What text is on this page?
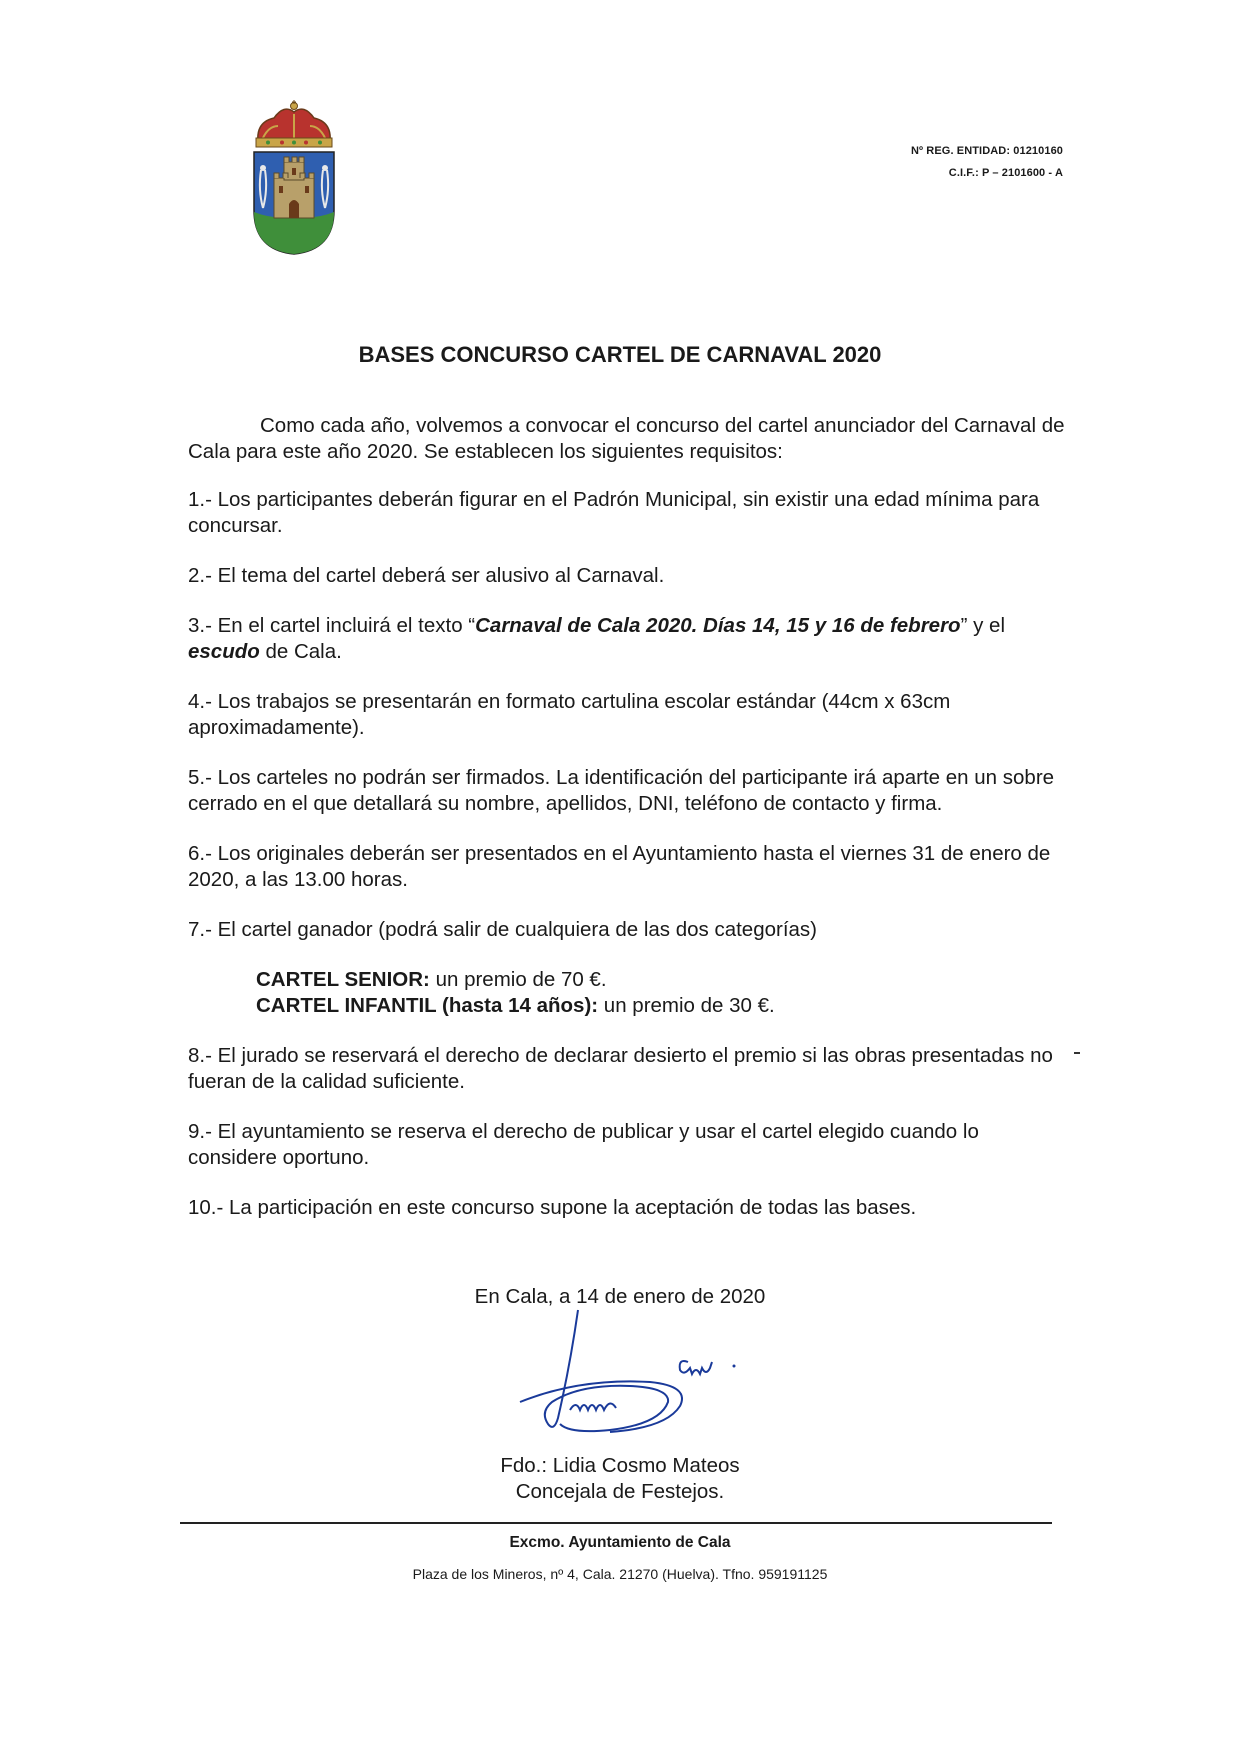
Nº REG. ENTIDAD: 01210160
C.I.F.: P – 2101600 - A
BASES CONCURSO CARTEL DE CARNAVAL 2020

Como cada año, volvemos a convocar el concurso del cartel anunciador del Carnaval de Cala para este año 2020. Se establecen los siguientes requisitos:

1.- Los participantes deberán figurar en el Padrón Municipal, sin existir una edad mínima para concursar.

2.- El tema del cartel deberá ser alusivo al Carnaval.

3.- En el cartel incluirá el texto “Carnaval de Cala 2020. Días 14, 15 y 16 de febrero” y el escudo de Cala.

4.- Los trabajos se presentarán en formato cartulina escolar estándar (44cm x 63cm aproximadamente).

5.- Los carteles no podrán ser firmados. La identificación del participante irá aparte en un sobre cerrado en el que detallará su nombre, apellidos, DNI, teléfono de contacto y firma.

6.- Los originales deberán ser presentados en el Ayuntamiento hasta el viernes 31 de enero de 2020, a las 13.00 horas.

7.- El cartel ganador (podrá salir de cualquiera de las dos categorías)

CARTEL SENIOR: un premio de 70 €.
CARTEL INFANTIL (hasta 14 años): un premio de 30 €.

8.- El jurado se reservará el derecho de declarar desierto el premio si las obras presentadas no fueran de la calidad suficiente.

9.- El ayuntamiento se reserva el derecho de publicar y usar el cartel elegido cuando lo considere oportuno.

10.- La participación en este concurso supone la aceptación de todas las bases.

En Cala, a 14 de enero de 2020
Fdo.: Lidia Cosmo Mateos
Concejala de Festejos.
Excmo. Ayuntamiento de Cala
Plaza de los Mineros, nº 4, Cala. 21270 (Huelva). Tfno. 959191125
